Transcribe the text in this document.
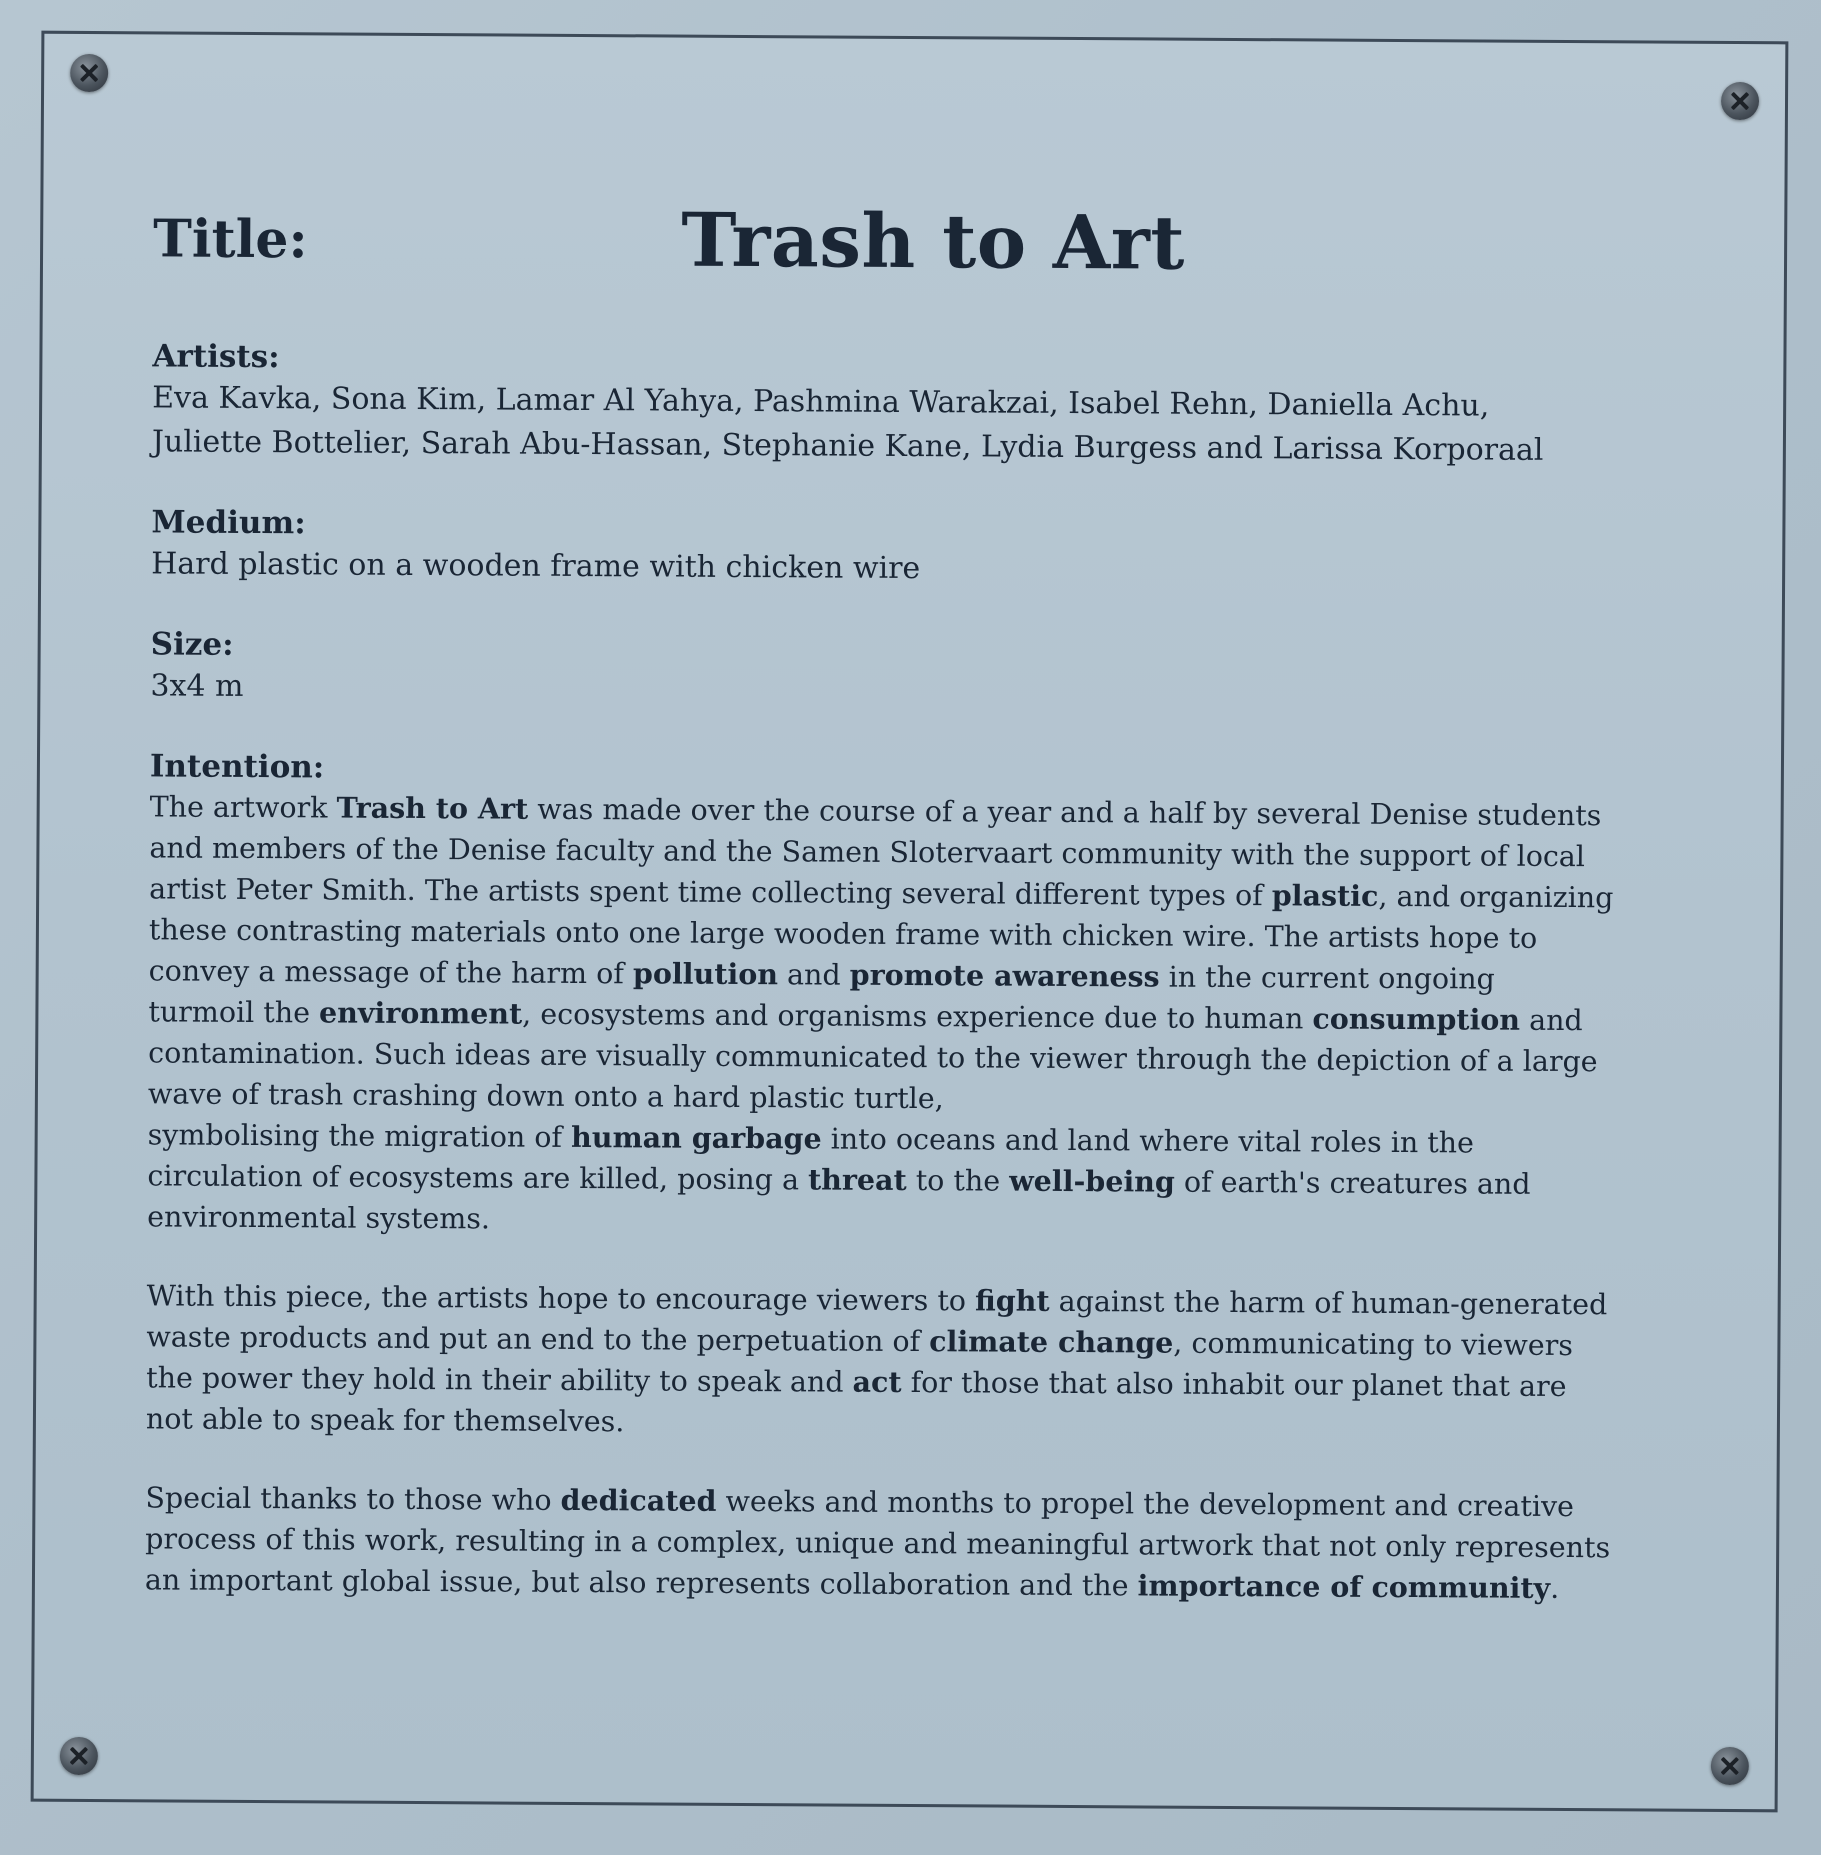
Title:	Trash to Art
Artists:
Eva Kavka, Sona Kim, Lamar Al Yahya, Pashmina Warakzai, Isabel Rehn, Daniella Achu,
Juliette Bottelier, Sarah Abu-Hassan, Stephanie Kane, Lydia Burgess and Larissa Korporaal
Medium:
Hard plastic on a wooden frame with chicken wire
Size:
3x4 m
Intention:

The artwork Trash to Art was made over the course of a year and a half by several Denise students
and members of the Denise faculty and the Samen Slotervaart community with the support of local
artist Peter Smith. The artists spent time collecting several different types of plastic, and organizing
these contrasting materials onto one large wooden frame with chicken wire. The artists hope to
convey a message of the harm of pollution and promote awareness in the current ongoing
turmoil the environment, ecosystems and organisms experience due to human consumption and
contamination. Such ideas are visually communicated to the viewer through the depiction of a large
wave of trash crashing down onto a hard plastic turtle,
symbolising the migration of human garbage into oceans and land where vital roles in the
circulation of ecosystems are killed, posing a threat to the well-being of earth's creatures and
environmental systems.

With this piece, the artists hope to encourage viewers to fight against the harm of human-generated
waste products and put an end to the perpetuation of climate change, communicating to viewers
the power they hold in their ability to speak and act for those that also inhabit our planet that are
not able to speak for themselves.

Special thanks to those who dedicated weeks and months to propel the development and creative
process of this work, resulting in a complex, unique and meaningful artwork that not only represents
an important global issue, but also represents collaboration and the importance of community.
